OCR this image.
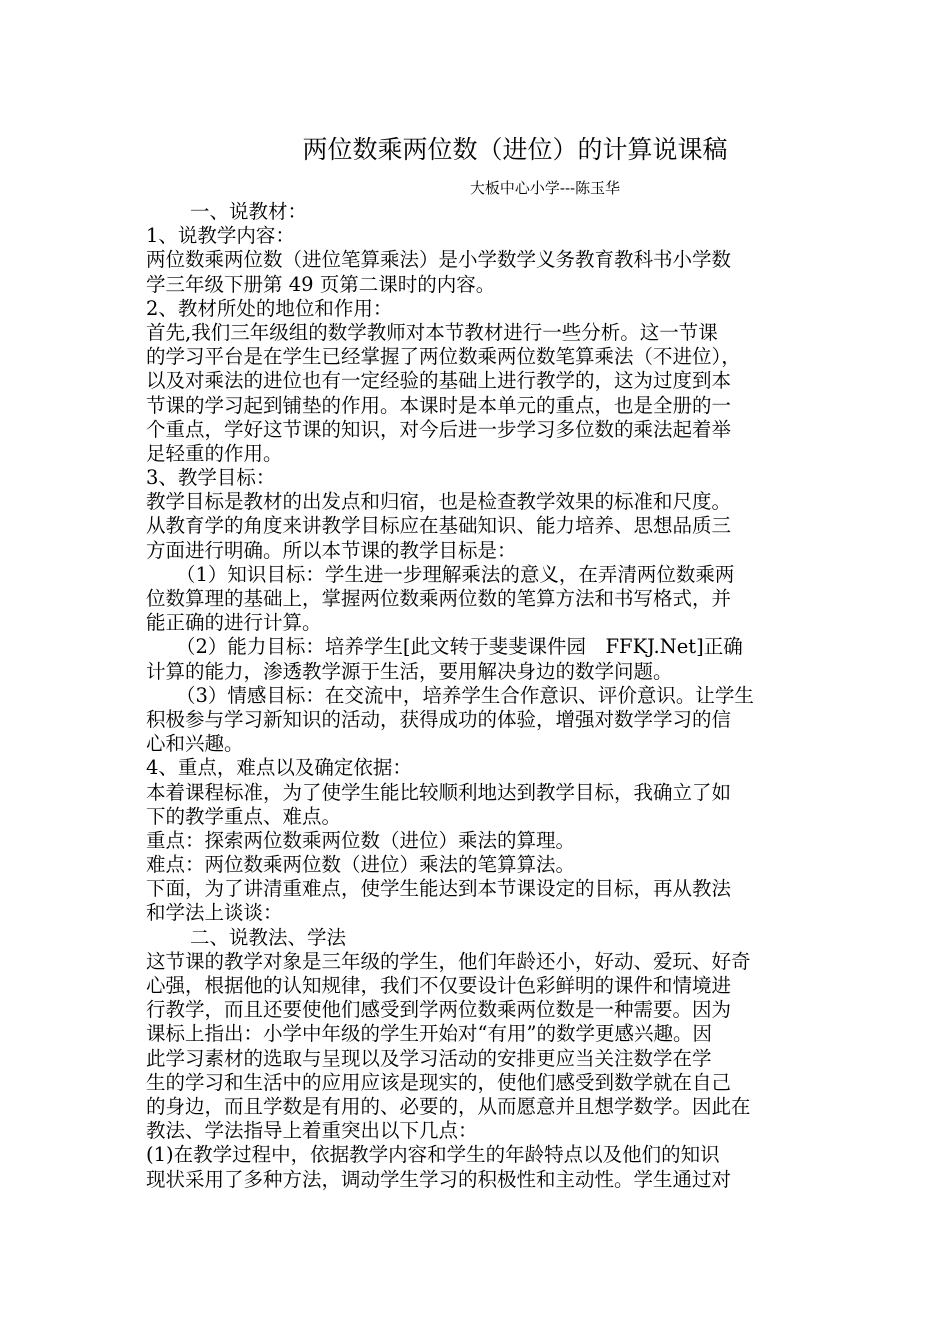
两位数乘两位数（进位）的计算说课稿
大板中心小学---陈玉华
一、说教材：
1、说教学内容：
两位数乘两位数（进位笔算乘法）是小学数学义务教育教科书小学数
学三年级下册第 49 页第二课时的内容。
2、教材所处的地位和作用：
首先,我们三年级组的数学教师对本节教材进行一些分析。这一节课
的学习平台是在学生已经掌握了两位数乘两位数笔算乘法（不进位），
以及对乘法的进位也有一定经验的基础上进行教学的，这为过度到本
节课的学习起到铺垫的作用。本课时是本单元的重点，也是全册的一
个重点，学好这节课的知识，对今后进一步学习多位数的乘法起着举
足轻重的作用。
3、教学目标：
教学目标是教材的出发点和归宿，也是检查教学效果的标准和尺度。
从教育学的角度来讲教学目标应在基础知识、能力培养、思想品质三
方面进行明确。所以本节课的教学目标是：
（1）知识目标：学生进一步理解乘法的意义，在弄清两位数乘两
位数算理的基础上，掌握两位数乘两位数的笔算方法和书写格式，并
能正确的进行计算。
（2）能力目标：培养学生[此文转于斐斐课件园　FFKJ.Net]正确
计算的能力，渗透教学源于生活，要用解决身边的数学问题。
（3）情感目标：在交流中，培养学生合作意识、评价意识。让学生
积极参与学习新知识的活动，获得成功的体验，增强对数学学习的信
心和兴趣。
4、重点，难点以及确定依据：
本着课程标准，为了使学生能比较顺利地达到教学目标，我确立了如
下的教学重点、难点。
重点：探索两位数乘两位数（进位）乘法的算理。
难点：两位数乘两位数（进位）乘法的笔算算法。
下面，为了讲清重难点，使学生能达到本节课设定的目标，再从教法
和学法上谈谈：
二、说教法、学法
这节课的教学对象是三年级的学生，他们年龄还小，好动、爱玩、好奇
心强，根据他的认知规律，我们不仅要设计色彩鲜明的课件和情境进
行教学，而且还要使他们感受到学两位数乘两位数是一种需要。因为
课标上指出：小学中年级的学生开始对“有用”的数学更感兴趣。因
此学习素材的选取与呈现以及学习活动的安排更应当关注数学在学
生的学习和生活中的应用应该是现实的，使他们感受到数学就在自己
的身边，而且学数是有用的、必要的，从而愿意并且想学数学。因此在
教法、学法指导上着重突出以下几点：
(1)在教学过程中，依据教学内容和学生的年龄特点以及他们的知识
现状采用了多种方法，调动学生学习的积极性和主动性。学生通过对
